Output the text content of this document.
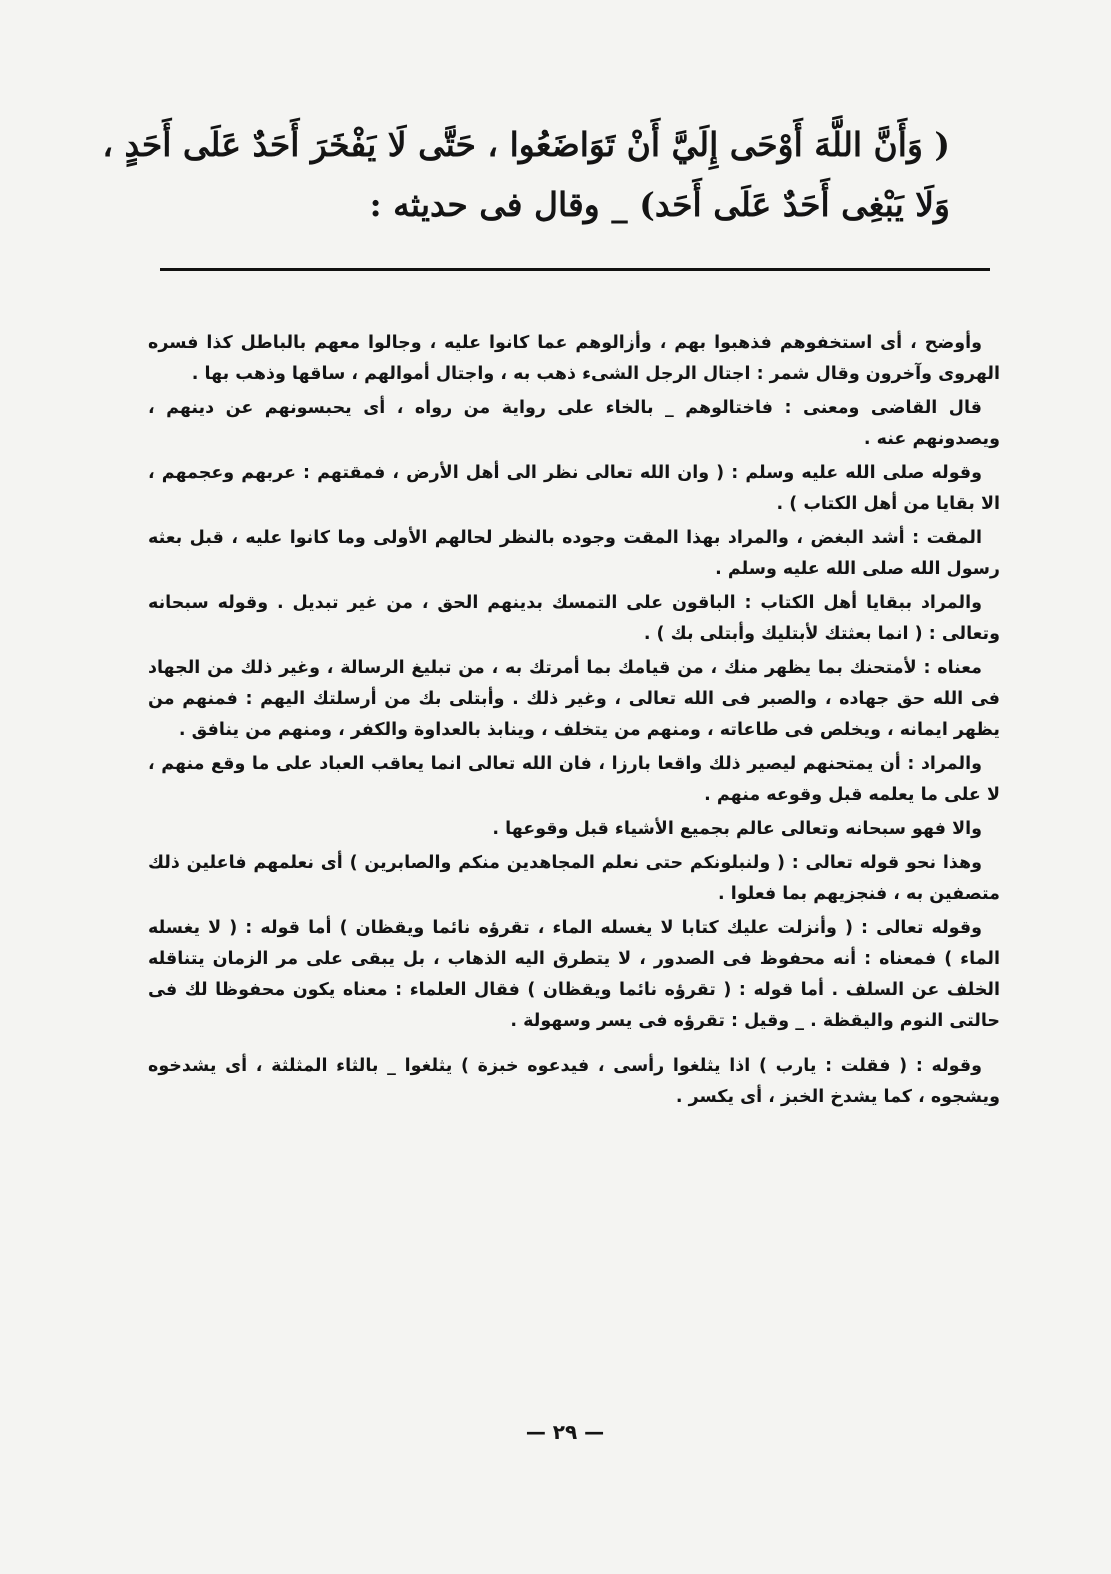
( وَأَنَّ اللَّهَ أَوْحَى إِلَيَّ أَنْ تَوَاضَعُوا ، حَتَّى لَا يَفْخَرَ أَحَدٌ عَلَى أَحَدٍ ،
وَلَا يَبْغِى أَحَدٌ عَلَى أَحَد) _ وقال فى حديثه :

وأوضح ، أى استخفوهم فذهبوا بهم ، وأزالوهم عما كانوا عليه ، وجالوا معهم بالباطل كذا فسره الهروى وآخرون وقال شمر : اجتال الرجل الشىء ذهب به ، واجتال أموالهم ، ساقها وذهب بها .

قال القاضى ومعنى : فاختالوهم _ بالخاء على رواية من رواه ، أى يحبسونهم عن دينهم ، ويصدونهم عنه .

وقوله صلى الله عليه وسلم : ( وان الله تعالى نظر الى أهل الأرض ، فمقتهم : عربهم وعجمهم ، الا بقايا من أهل الكتاب ) .

المقت : أشد البغض ، والمراد بهذا المقت وجوده بالنظر لحالهم الأولى وما كانوا عليه ، قبل بعثه رسول الله صلى الله عليه وسلم .

والمراد ببقايا أهل الكتاب : الباقون على التمسك بدينهم الحق ، من غير تبديل . وقوله سبحانه وتعالى : ( انما بعثتك لأبتليك وأبتلى بك ) .

معناه : لأمتحنك بما يظهر منك ، من قيامك بما أمرتك به ، من تبليغ الرسالة ، وغير ذلك من الجهاد فى الله حق جهاده ، والصبر فى الله تعالى ، وغير ذلك . وأبتلى بك من أرسلتك اليهم : فمنهم من يظهر ايمانه ، ويخلص فى طاعاته ، ومنهم من يتخلف ، وينابذ بالعداوة والكفر ، ومنهم من ينافق .

والمراد : أن يمتحنهم ليصير ذلك واقعا بارزا ، فان الله تعالى انما يعاقب العباد على ما وقع منهم ، لا على ما يعلمه قبل وقوعه منهم .

والا فهو سبحانه وتعالى عالم بجميع الأشياء قبل وقوعها .

وهذا نحو قوله تعالى : ( ولنبلونكم حتى نعلم المجاهدين منكم والصابرين ) أى نعلمهم فاعلين ذلك متصفين به ، فنجزيهم بما فعلوا .

وقوله تعالى : ( وأنزلت عليك كتابا لا يغسله الماء ، تقرؤه نائما ويقظان ) أما قوله : ( لا يغسله الماء ) فمعناه : أنه محفوظ فى الصدور ، لا يتطرق اليه الذهاب ، بل يبقى على مر الزمان يتناقله الخلف عن السلف . أما قوله : ( تقرؤه نائما ويقظان ) فقال العلماء : معناه يكون محفوظا لك فى حالتى النوم واليقظة . _ وقيل : تقرؤه فى يسر وسهولة .

وقوله : ( فقلت : يارب ) اذا يثلغوا رأسى ، فيدعوه خبزة ) يثلغوا _ بالثاء المثلثة ، أى يشدخوه ويشجوه ، كما يشدخ الخبز ، أى يكسر .

— ٢٩ —
